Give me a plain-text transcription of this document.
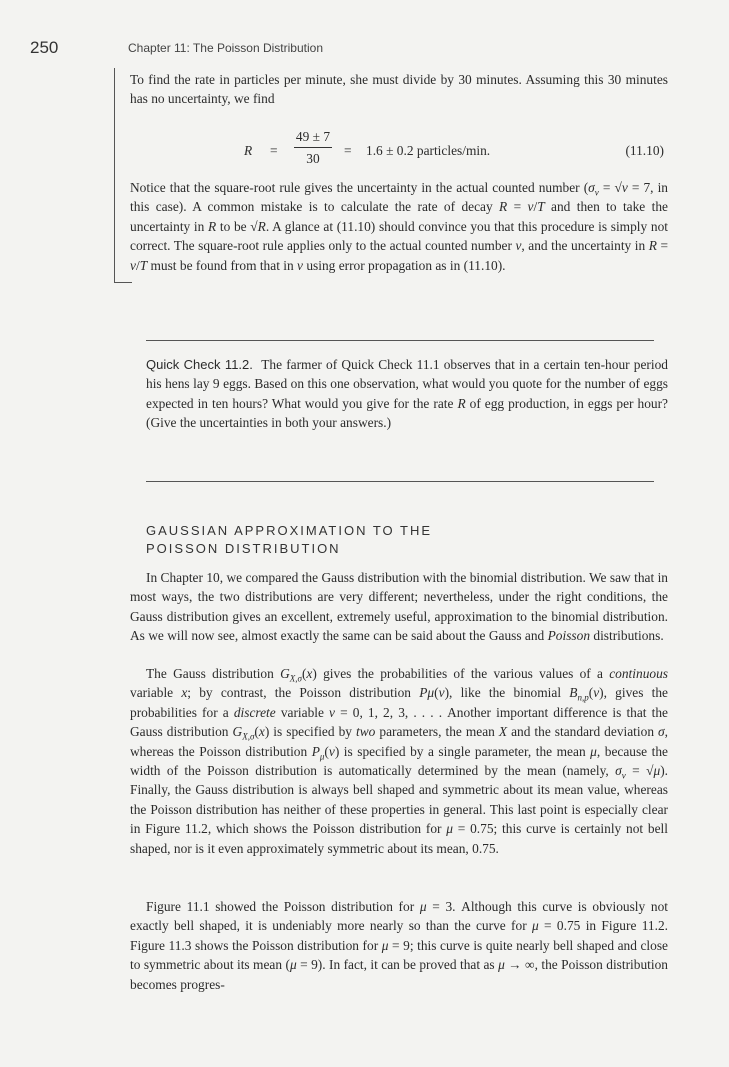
250	Chapter 11: The Poisson Distribution

To find the rate in particles per minute, she must divide by 30 minutes. Assuming this 30 minutes has no uncertainty, we find

R =
49 ± 7
30
= 1.6 ± 0.2 particles/min.	(11.10)

Notice that the square-root rule gives the uncertainty in the actual counted number ($\sigma_\nu = √\nu = 7$, in this case). A common mistake is to calculate the rate of decay R = ν/T and then to take the uncertainty in R to be √R. A glance at (11.10) should convince you that this procedure is simply not correct. The square-root rule applies only to the actual counted number ν, and the uncertainty in R = ν/T must be found from that in ν using error propagation as in (11.10).

Quick Check 11.2. The farmer of Quick Check 11.1 observes that in a certain ten-hour period his hens lay 9 eggs. Based on this one observation, what would you quote for the number of eggs expected in ten hours? What would you give for the rate R of egg production, in eggs per hour? (Give the uncertainties in both your answers.)

GAUSSIAN APPROXIMATION TO THE
POISSON DISTRIBUTION

In Chapter 10, we compared the Gauss distribution with the binomial distribution. We saw that in most ways, the two distributions are very different; nevertheless, under the right conditions, the Gauss distribution gives an excellent, extremely useful, approximation to the binomial distribution. As we will now see, almost exactly the same can be said about the Gauss and Poisson distributions.

The Gauss distribution $G_{X,\sigma}(x)$ gives the probabilities of the various values of a continuous variable x; by contrast, the Poisson distribution Pμ(ν), like the binomial $B_{n,p}(\nu)$, gives the probabilities for a discrete variable ν = 0, 1, 2, 3, . . . . Another important difference is that the Gauss distribution $G_{X,\sigma}(x)$ is specified by two parameters, the mean X and the standard deviation σ, whereas the Poisson distribution $P_\mu(\nu)$ is specified by a single parameter, the mean μ, because the width of the Poisson distribution is automatically determined by the mean (namely, $\sigma_\nu = √\mu$). Finally, the Gauss distribution is always bell shaped and symmetric about its mean value, whereas the Poisson distribution has neither of these properties in general. This last point is especially clear in Figure 11.2, which shows the Poisson distribution for μ = 0.75; this curve is certainly not bell shaped, nor is it even approximately symmetric about its mean, 0.75.

Figure 11.1 showed the Poisson distribution for μ = 3. Although this curve is obviously not exactly bell shaped, it is undeniably more nearly so than the curve for μ = 0.75 in Figure 11.2. Figure 11.3 shows the Poisson distribution for μ = 9; this curve is quite nearly bell shaped and close to symmetric about its mean (μ = 9). In fact, it can be proved that as μ → ∞, the Poisson distribution becomes progres-
